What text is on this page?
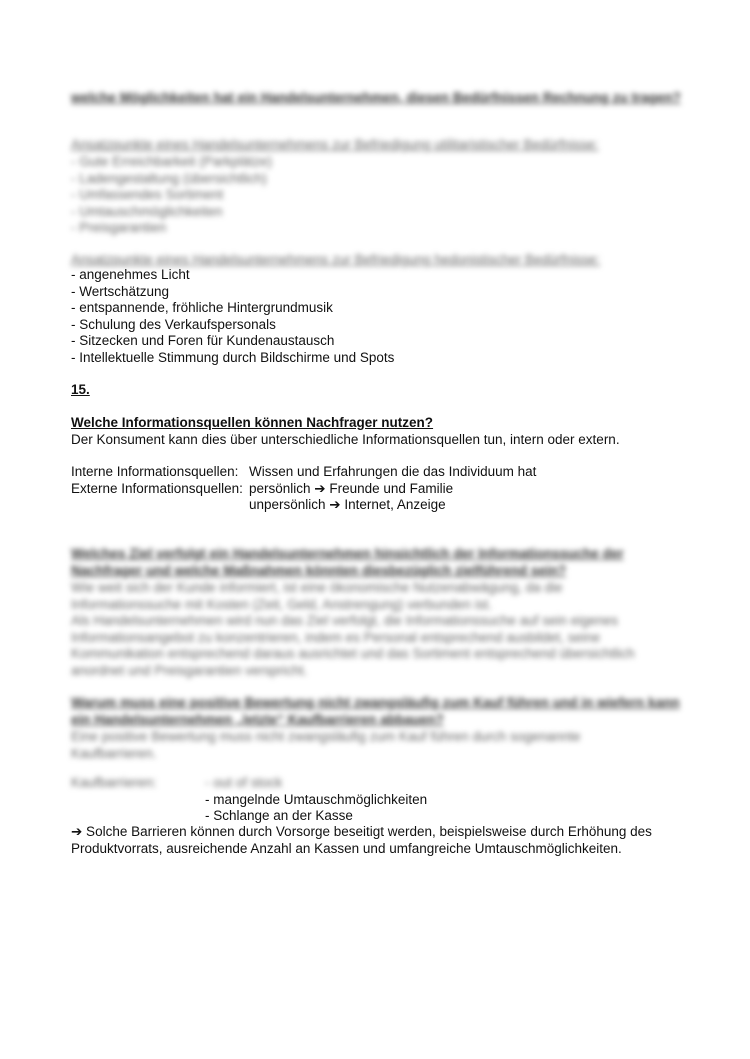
welche Möglichkeiten hat ein Handelsunternehmen, diesen Bedürfnissen Rechnung zu tragen?
Ansatzpunkte eines Handelsunternehmens zur Befriedigung utilitaristischer Bedürfnisse:
- Gute Erreichbarkeit (Parkplätze)
- Ladengestaltung (übersichtlich)
- Umfassendes Sortiment
- Umtauschmöglichkeiten
- Preisgarantien
Ansatzpunkte eines Handelsunternehmens zur Befriedigung hedonistischer Bedürfnisse:
- angenehmes Licht
- Wertschätzung
- entspannende, fröhliche Hintergrundmusik
- Schulung des Verkaufspersonals
- Sitzecken und Foren für Kundenaustausch
- Intellektuelle Stimmung durch Bildschirme und Spots
15.
Welche Informationsquellen können Nachfrager nutzen?
Der Konsument kann dies über unterschiedliche Informationsquellen tun, intern oder extern.
Interne Informationsquellen: Wissen und Erfahrungen die das Individuum hat
Externe Informationsquellen: persönlich ➔ Freunde und Familie
unpersönlich ➔ Internet, Anzeige
Welches Ziel verfolgt ein Handelsunternehmen hinsichtlich der Informationssuche der Nachfrager und welche Maßnahmen könnten diesbezüglich zielführend sein?
Wie weit sich der Kunde informiert, ist eine ökonomische Nutzenabwägung, da die
Informationssuche mit Kosten (Zeit, Geld, Anstrengung) verbunden ist.
Als Handelsunternehmen wird nun das Ziel verfolgt, die Informationssuche auf sein eigenes
Informationsangebot zu konzentrieren, indem es Personal entsprechend ausbildet, seine
Kommunikation entsprechend daraus ausrichtet und das Sortiment entsprechend übersichtlich
anordnet und Preisgarantien verspricht.
Warum muss eine positive Bewertung nicht zwangsläufig zum Kauf führen und in wiefern kann ein Handelsunternehmen „letzte“ Kaufbarrieren abbauen?
Eine positive Bewertung muss nicht zwangsläufig zum Kauf führen durch sogenannte
Kaufbarrieren.
Kaufbarrieren:	- out of stock
- mangelnde Umtauschmöglichkeiten
- Schlange an der Kasse
➔ Solche Barrieren können durch Vorsorge beseitigt werden, beispielsweise durch Erhöhung des Produktvorrats, ausreichende Anzahl an Kassen und umfangreiche Umtauschmöglichkeiten.
